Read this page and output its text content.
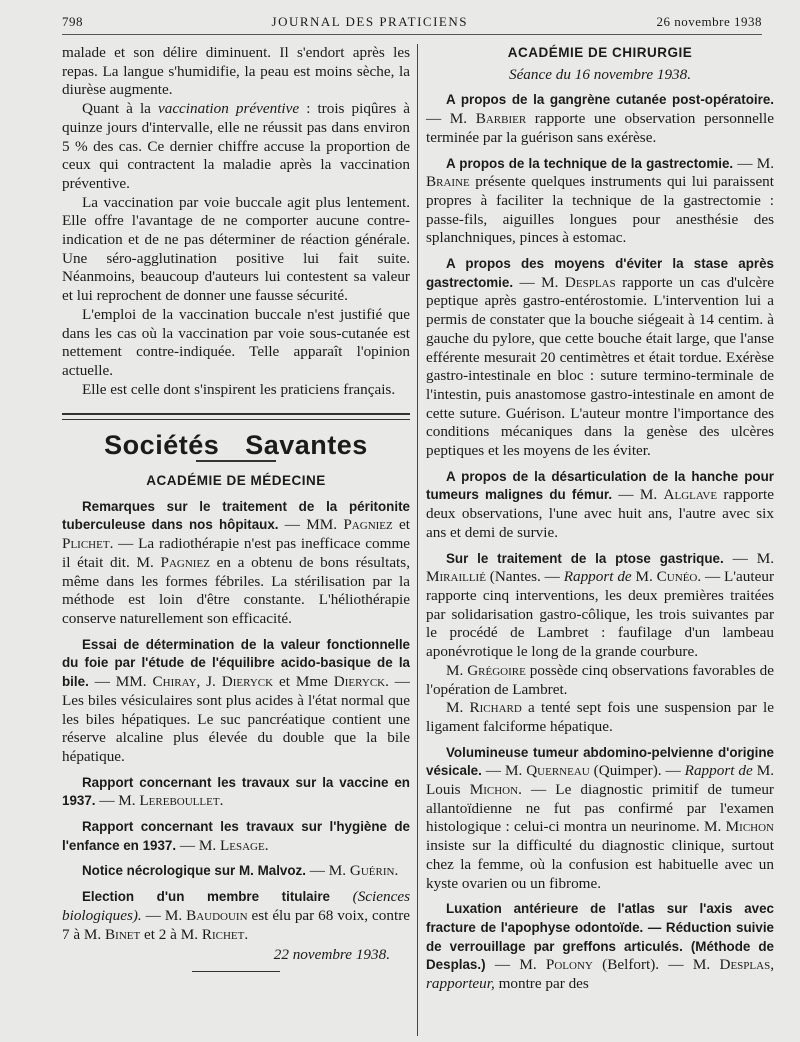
798	JOURNAL DES PRATICIENS	26 novembre 1938

malade et son délire diminuent. Il s'endort après les repas. La langue s'humidifie, la peau est moins sèche, la diurèse augmente.

Quant à la vaccination préventive : trois piqûres à quinze jours d'intervalle, elle ne réussit pas dans environ 5 % des cas. Ce dernier chiffre accuse la proportion de ceux qui contractent la maladie après la vaccination préventive.

La vaccination par voie buccale agit plus lentement. Elle offre l'avantage de ne comporter aucune contre-indication et de ne pas déterminer de réaction générale. Une séro-agglutination positive lui fait suite. Néanmoins, beaucoup d'auteurs lui contestent sa valeur et lui reprochent de donner une fausse sécurité.

L'emploi de la vaccination buccale n'est justifié que dans les cas où la vaccination par voie sous-cutanée est nettement contre-indiquée. Telle apparaît l'opinion actuelle.

Elle est celle dont s'inspirent les praticiens français.

Sociétés Savantes
ACADÉMIE DE MÉDECINE

Remarques sur le traitement de la péritonite tuberculeuse dans nos hôpitaux. — MM. Pagniez et Plichet. — La radiothérapie n'est pas inefficace comme il était dit. M. Pagniez en a obtenu de bons résultats, même dans les formes fébriles. La stérilisation par la méthode est loin d'être constante. L'héliothérapie conserve naturellement son efficacité.

Essai de détermination de la valeur fonctionnelle du foie par l'étude de l'équilibre acido-basique de la bile. — MM. Chiray, J. Dieryck et Mme Dieryck. — Les biles vésiculaires sont plus acides à l'état normal que les biles hépatiques. Le suc pancréatique contient une réserve alcaline plus élevée du double que la bile hépatique.

Rapport concernant les travaux sur la vaccine en 1937. — M. Lereboullet.

Rapport concernant les travaux sur l'hygiène de l'enfance en 1937. — M. Lesage.

Notice nécrologique sur M. Malvoz. — M. Guérin.

Election d'un membre titulaire (Sciences biologiques). — M. Baudouin est élu par 68 voix, contre 7 à M. Binet et 2 à M. Richet.

22 novembre 1938.

ACADÉMIE DE CHIRURGIE

Séance du 16 novembre 1938.

A propos de la gangrène cutanée post-opératoire. — M. Barbier rapporte une observation personnelle terminée par la guérison sans exérèse.

A propos de la technique de la gastrectomie. — M. Braine présente quelques instruments qui lui paraissent propres à faciliter la technique de la gastrectomie : passe-fils, aiguilles longues pour anesthésie des splanchniques, pinces à estomac.

A propos des moyens d'éviter la stase après gastrectomie. — M. Desplas rapporte un cas d'ulcère peptique après gastro-entérostomie. L'intervention lui a permis de constater que la bouche siégeait à 14 centim. à gauche du pylore, que cette bouche était large, que l'anse efférente mesurait 20 centimètres et était tordue. Exérèse gastro-intestinale en bloc : suture termino-terminale de l'intestin, puis anastomose gastro-intestinale en amont de cette suture. Guérison. L'auteur montre l'importance des conditions mécaniques dans la genèse des ulcères peptiques et les moyens de les éviter.

A propos de la désarticulation de la hanche pour tumeurs malignes du fémur. — M. Alglave rapporte deux observations, l'une avec huit ans, l'autre avec six ans et demi de survie.

Sur le traitement de la ptose gastrique. — M. Miraillié (Nantes. — Rapport de M. Cunéo. — L'auteur rapporte cinq interventions, les deux premières traitées par solidarisation gastro-côlique, les trois suivantes par le procédé de Lambret : faufilage d'un lambeau aponévrotique le long de la grande courbure.

M. Grégoire possède cinq observations favorables de l'opération de Lambret.

M. Richard a tenté sept fois une suspension par le ligament falciforme hépatique.

Volumineuse tumeur abdomino-pelvienne d'origine vésicale. — M. Querneau (Quimper). — Rapport de M. Louis Michon. — Le diagnostic primitif de tumeur allantoïdienne ne fut pas confirmé par l'examen histologique : celui-ci montra un neurinome. M. Michon insiste sur la difficulté du diagnostic clinique, surtout chez la femme, où la confusion est habituelle avec un kyste ovarien ou un fibrome.

Luxation antérieure de l'atlas sur l'axis avec fracture de l'apophyse odontoïde. — Réduction suivie de verrouillage par greffons articulés. (Méthode de Desplas.) — M. Polony (Belfort). — M. Desplas, rapporteur, montre par des
